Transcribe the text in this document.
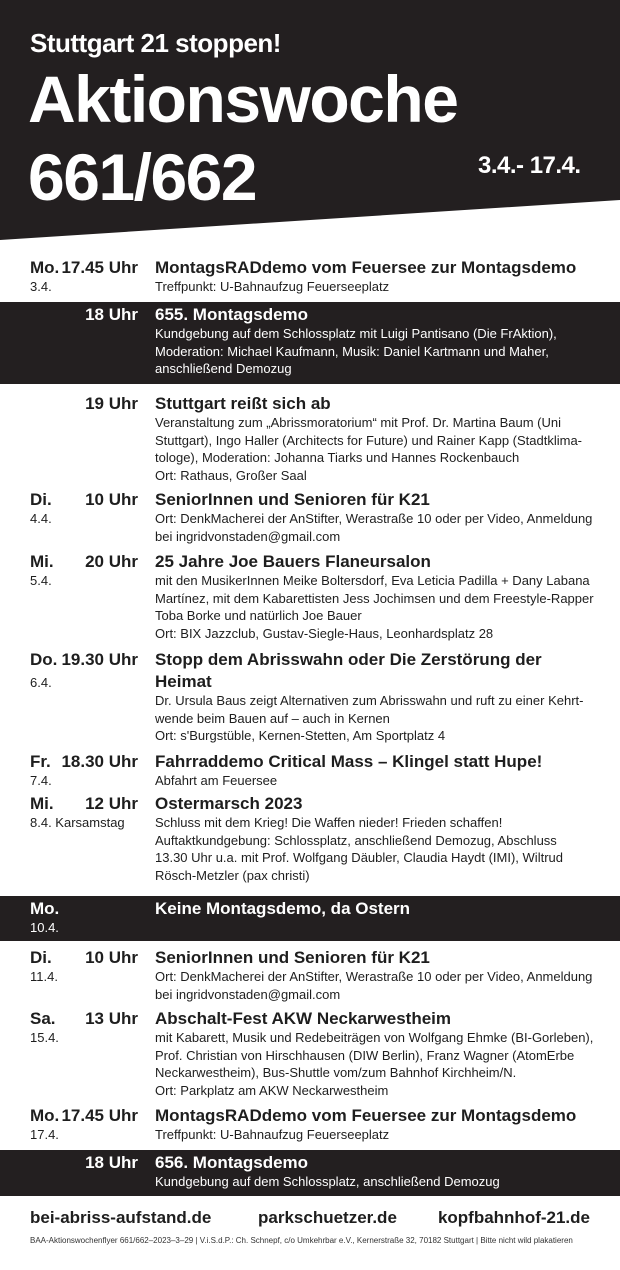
Stuttgart 21 stoppen!
Aktionswoche
661/662	3.4.- 17.4.
Mo.
3.4.
17.45 Uhr MontagsRADdemo vom Feuersee zur Montagsdemo
Treffpunkt: U-Bahnaufzug Feuerseeplatz
18 Uhr 655. Montagsdemo
Kundgebung auf dem Schlossplatz mit Luigi Pantisano (Die FrAktion),
Moderation: Michael Kaufmann, Musik: Daniel Kartmann und Maher,
anschließend Demozug
19 Uhr Stuttgart reißt sich ab
Veranstaltung zum „Abrissmoratorium“ mit Prof. Dr. Martina Baum (Uni
Stuttgart), Ingo Haller (Architects for Future) und Rainer Kapp (Stadtklima-
tologe), Moderation: Johanna Tiarks und Hannes Rockenbauch
Ort: Rathaus, Großer Saal
Di.
4.4.
10 Uhr SeniorInnen und Senioren für K21
Ort: DenkMacherei der AnStifter, Werastraße 10 oder per Video, Anmeldung
bei ingridvonstaden@gmail.com
Mi.
5.4.
20 Uhr 25 Jahre Joe Bauers Flaneursalon
mit den MusikerInnen Meike Boltersdorf, Eva Leticia Padilla + Dany Labana
Martínez, mit dem Kabarettisten Jess Jochimsen und dem Freestyle-Rapper
Toba Borke und natürlich Joe Bauer
Ort: BIX Jazzclub, Gustav-Siegle-Haus, Leonhardsplatz 28
Do.
6.4.
19.30 Uhr Stopp dem Abrisswahn oder Die Zerstörung der Heimat
Dr. Ursula Baus zeigt Alternativen zum Abrisswahn und ruft zu einer Kehrt-
wende beim Bauen auf – auch in Kernen
Ort: s'Burgstüble, Kernen-Stetten, Am Sportplatz 4
Fr.
7.4.
18.30 Uhr Fahrraddemo Critical Mass – Klingel statt Hupe!
Abfahrt am Feuersee
Mi.
8.4. Karsamstag
12 Uhr Ostermarsch 2023
Schluss mit dem Krieg! Die Waffen nieder! Frieden schaffen!
Auftaktkundgebung: Schlossplatz, anschließend Demozug, Abschluss
13.30 Uhr u.a. mit Prof. Wolfgang Däubler, Claudia Haydt (IMI), Wiltrud
Rösch-Metzler (pax christi)
Mo.
10.4.
Keine Montagsdemo, da Ostern
Di.
11.4.
10 Uhr SeniorInnen und Senioren für K21
Ort: DenkMacherei der AnStifter, Werastraße 10 oder per Video, Anmeldung
bei ingridvonstaden@gmail.com
Sa.
15.4.
13 Uhr Abschalt-Fest AKW Neckarwestheim
mit Kabarett, Musik und Redebeiträgen von Wolfgang Ehmke (BI-Gorleben),
Prof. Christian von Hirschhausen (DIW Berlin), Franz Wagner (AtomErbe
Neckarwestheim), Bus-Shuttle vom/zum Bahnhof Kirchheim/N.
Ort: Parkplatz am AKW Neckarwestheim
Mo.
17.4.
17.45 Uhr MontagsRADdemo vom Feuersee zur Montagsdemo
Treffpunkt: U-Bahnaufzug Feuerseeplatz
18 Uhr 656. Montagsdemo
Kundgebung auf dem Schlossplatz, anschließend Demozug
bei-abriss-aufstand.de	parkschuetzer.de kopfbahnhof-21.de
BAA-Aktionswochenflyer 661/662–2023–3–29 | V.i.S.d.P.: Ch. Schnepf, c/o Umkehrbar e.V., Kernerstraße 32, 70182 Stuttgart | Bitte nicht wild plakatieren
